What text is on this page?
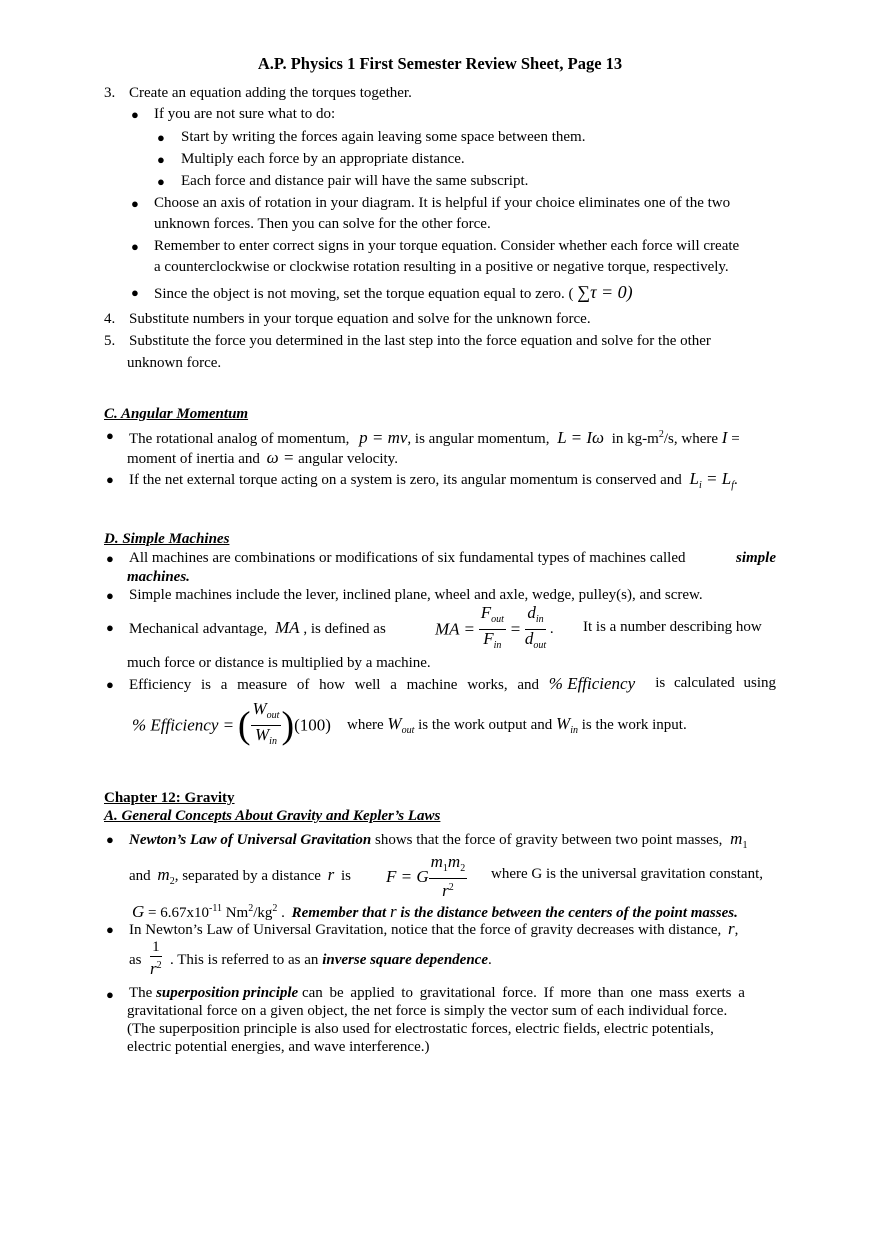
A.P. Physics 1 First Semester Review Sheet, Page 13
3. Create an equation adding the torques together.
● If you are not sure what to do:
● Start by writing the forces again leaving some space between them.
● Multiply each force by an appropriate distance.
● Each force and distance pair will have the same subscript.
● Choose an axis of rotation in your diagram. It is helpful if your choice eliminates one of the two
unknown forces. Then you can solve for the other force.
● Remember to enter correct signs in your torque equation. Consider whether each force will create
a counterclockwise or clockwise rotation resulting in a positive or negative torque, respectively.
● Since the object is not moving, set the torque equation equal to zero. ( ∑τ = 0)
4. Substitute numbers in your torque equation and solve for the unknown force.
5. Substitute the force you determined in the last step into the force equation and solve for the other
unknown force.
C. Angular Momentum
● The rotational analog of momentum, p = mv, is angular momentum, L = Iω in $kg-m^2/s$, where I =
moment of inertia and ω = angular velocity.
● If the net external torque acting on a system is zero, its angular momentum is conserved and $L_i = L_f$.
D. Simple Machines
● All machines are combinations or modifications of six fundamental types of machines called	simple
machines.
● Simple machines include the lever, inclined plane, wheel and axle, wedge, pulley(s), and screw.
● Mechanical advantage, MA , is defined as	MA = $\frac{F_{out}}{F_{in}} = \frac{d_{in}}{d_{out}}$ . It is a number describing how
much force or distance is multiplied by a machine.
● Efficiency is a measure of how well a machine works, and % Efficiency is calculated using
% Efficiency = ( $\frac{W_{out}}{W_{in}} )(100)$ where $W_{out}$ is the work output and $W_{in}$ is the work input.
Chapter 12: Gravity
A. General Concepts About Gravity and Kepler’s Laws
● Newton’s Law of Universal Gravitation shows that the force of gravity between two point masses, $m_1$
and $m_2$, separated by a distance r is F = G $\frac{m_1m_2}{r^2}$ where G is the universal gravitation constant,
$G = 6.67x10^{-11}$ $Nm^2/kg^2$ . Remember that r is the distance between the centers of the point masses.
● In Newton’s Law of Universal Gravitation, notice that the force of gravity decreases with distance, r,
as $\frac{1}{r^2}$ . This is referred to as an inverse square dependence.
● The superposition principle can be applied to gravitational force. If more than one mass exerts a
gravitational force on a given object, the net force is simply the vector sum of each individual force.
(The superposition principle is also used for electrostatic forces, electric fields, electric potentials,
electric potential energies, and wave interference.)
